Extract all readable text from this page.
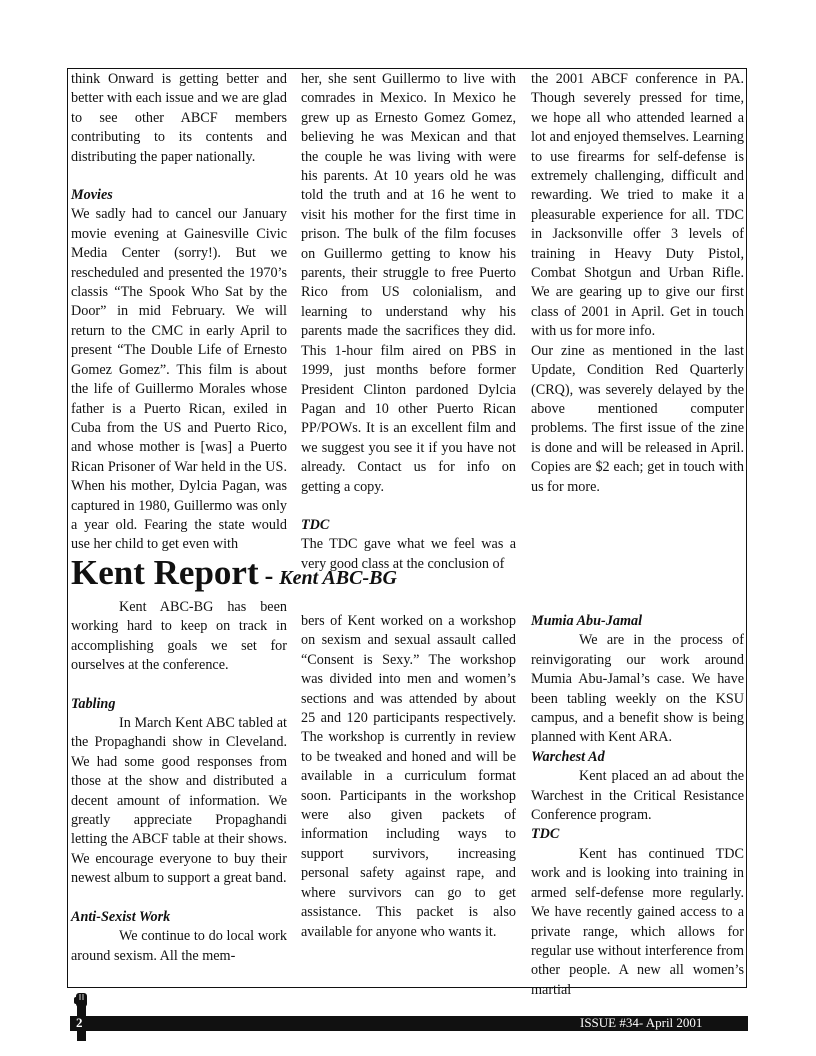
think Onward is getting better and better with each issue and we are glad to see other ABCF members contributing to its contents and distributing the paper nationally.

Movies

We sadly had to cancel our January movie evening at Gainesville Civic Media Center (sorry!). But we rescheduled and presented the 1970’s classis “The Spook Who Sat by the Door” in mid February. We will return to the CMC in early April to present “The Double Life of Ernesto Gomez Gomez”. This film is about the life of Guillermo Morales whose father is a Puerto Rican, exiled in Cuba from the US and Puerto Rico, and whose mother is [was] a Puerto Rican Prisoner of War held in the US. When his mother, Dylcia Pagan, was captured in 1980, Guillermo was only a year old. Fearing the state would use her child to get even with

her, she sent Guillermo to live with comrades in Mexico. In Mexico he grew up as Ernesto Gomez Gomez, believing he was Mexican and that the couple he was living with were his parents. At 10 years old he was told the truth and at 16 he went to visit his mother for the first time in prison. The bulk of the film focuses on Guillermo getting to know his parents, their struggle to free Puerto Rico from US colonialism, and learning to understand why his parents made the sacrifices they did. This 1-hour film aired on PBS in 1999, just months before former President Clinton pardoned Dylcia Pagan and 10 other Puerto Rican PP/POWs. It is an excellent film and we suggest you see it if you have not already. Contact us for info on getting a copy.

TDC

The TDC gave what we feel was a very good class at the conclusion of

the 2001 ABCF conference in PA. Though severely pressed for time, we hope all who attended learned a lot and enjoyed themselves. Learning to use firearms for self-defense is extremely challenging, difficult and rewarding. We tried to make it a pleasurable experience for all. TDC in Jacksonville offer 3 levels of training in Heavy Duty Pistol, Combat Shotgun and Urban Rifle. We are gearing up to give our first class of 2001 in April. Get in touch with us for more info.

Our zine as mentioned in the last Update, Condition Red Quarterly (CRQ), was severely delayed by the above mentioned computer problems. The first issue of the zine is done and will be released in April. Copies are $2 each; get in touch with us for more.

Kent Report - Kent ABC-BG

Kent ABC-BG has been working hard to keep on track in accomplishing goals we set for ourselves at the conference.

Tabling

In March Kent ABC tabled at the Propaghandi show in Cleveland. We had some good responses from those at the show and distributed a decent amount of information. We greatly appreciate Propaghandi letting the ABCF table at their shows. We encourage everyone to buy their newest album to support a great band.

Anti-Sexist Work

We continue to do local work around sexism. All the mem-

bers of Kent worked on a workshop on sexism and sexual assault called “Consent is Sexy.” The workshop was divided into men and women’s sections and was attended by about 25 and 120 participants respectively. The workshop is currently in review to be tweaked and honed and will be available in a curriculum format soon. Participants in the workshop were also given packets of information including ways to support survivors, increasing personal safety against rape, and where survivors can go to get assistance. This packet is also available for anyone who wants it.

Mumia Abu-Jamal

We are in the process of reinvigorating our work around Mumia Abu-Jamal’s case. We have been tabling weekly on the KSU campus, and a benefit show is being planned with Kent ARA.

Warchest Ad

Kent placed an ad about the Warchest in the Critical Resistance Conference program.

TDC

Kent has continued TDC work and is looking into training in armed self-defense more regularly. We have recently gained access to a private range, which allows for regular use without interference from other people. A new all women’s martial

2	ISSUE #34- April 2001
